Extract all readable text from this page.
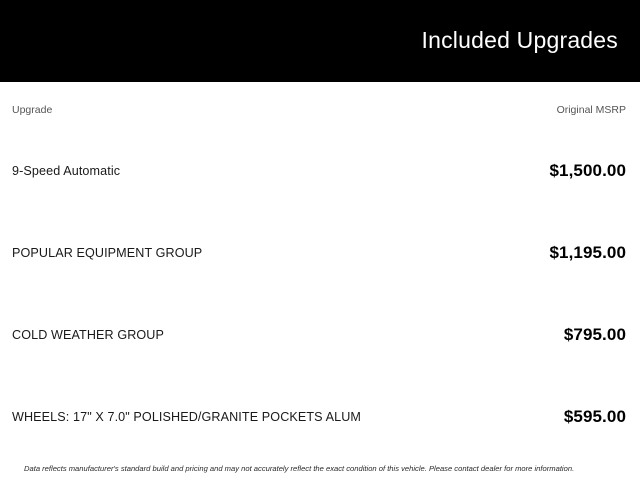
Included Upgrades
Upgrade	Original MSRP
9-Speed Automatic	$1,500.00
POPULAR EQUIPMENT GROUP	$1,195.00
COLD WEATHER GROUP	$795.00
WHEELS: 17" X 7.0" POLISHED/GRANITE POCKETS ALUM	$595.00
Data reflects manufacturer's standard build and pricing and may not accurately reflect the exact condition of this vehicle. Please contact dealer for more information.
